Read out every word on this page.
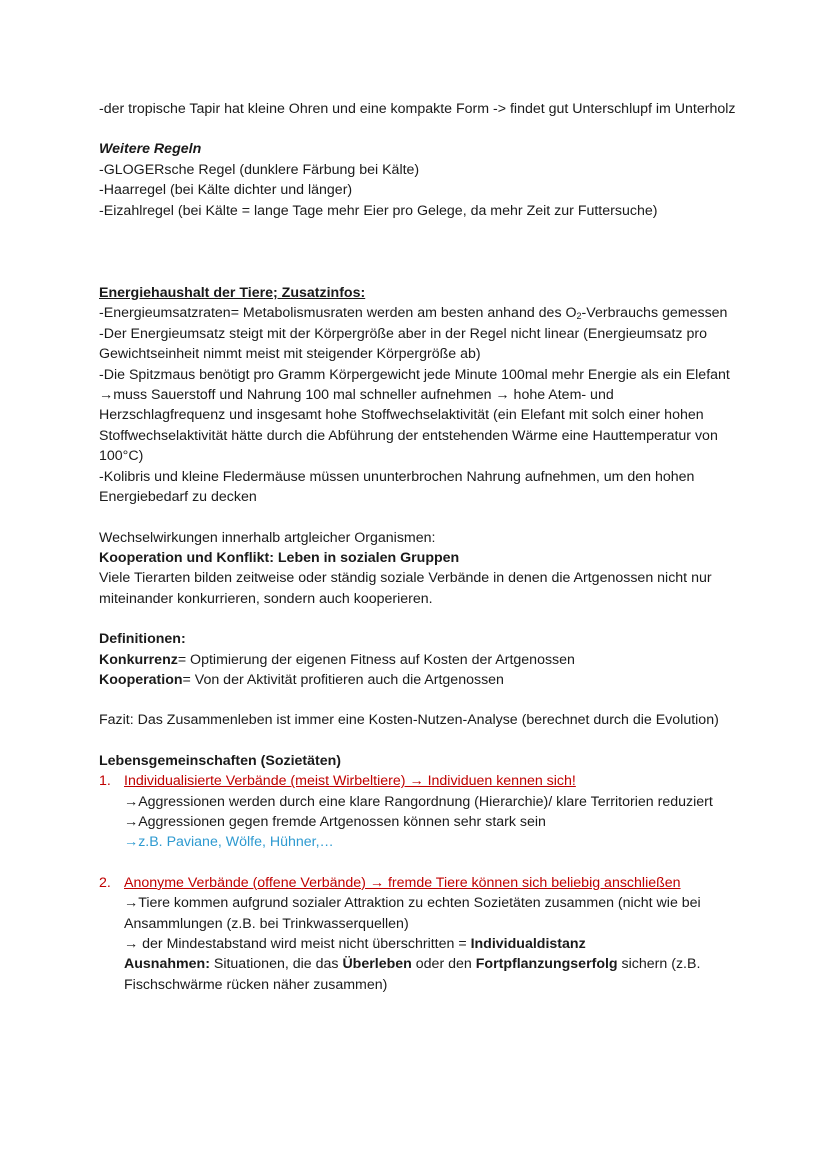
-der tropische Tapir hat kleine Ohren und eine kompakte Form -> findet gut Unterschlupf im Unterholz

Weitere Regeln

-GLOGERsche Regel (dunklere Färbung bei Kälte)

-Haarregel (bei Kälte dichter und länger)

-Eizahlregel (bei Kälte = lange Tage mehr Eier pro Gelege, da mehr Zeit zur Futtersuche)

Energiehaushalt der Tiere; Zusatzinfos:

-Energieumsatzraten= Metabolismusraten werden am besten anhand des $O_2$-Verbrauchs gemessen

-Der Energieumsatz steigt mit der Körpergröße aber in der Regel nicht linear (Energieumsatz pro Gewichtseinheit nimmt meist mit steigender Körpergröße ab)

-Die Spitzmaus benötigt pro Gramm Körpergewicht jede Minute 100mal mehr Energie als ein Elefant →muss Sauerstoff und Nahrung 100 mal schneller aufnehmen → hohe Atem- und Herzschlagfrequenz und insgesamt hohe Stoffwechselaktivität (ein Elefant mit solch einer hohen Stoffwechselaktivität hätte durch die Abführung der entstehenden Wärme eine Hauttemperatur von 100°C)

-Kolibris und kleine Fledermäuse müssen ununterbrochen Nahrung aufnehmen, um den hohen Energiebedarf zu decken

Wechselwirkungen innerhalb artgleicher Organismen:

Kooperation und Konflikt: Leben in sozialen Gruppen

Viele Tierarten bilden zeitweise oder ständig soziale Verbände in denen die Artgenossen nicht nur miteinander konkurrieren, sondern auch kooperieren.

Definitionen:

Konkurrenz= Optimierung der eigenen Fitness auf Kosten der Artgenossen

Kooperation= Von der Aktivität profitieren auch die Artgenossen

Fazit: Das Zusammenleben ist immer eine Kosten-Nutzen-Analyse (berechnet durch die Evolution)

Lebensgemeinschaften (Sozietäten)

1. Individualisierte Verbände (meist Wirbeltiere) → Individuen kennen sich!

→Aggressionen werden durch eine klare Rangordnung (Hierarchie)/ klare Territorien reduziert

→Aggressionen gegen fremde Artgenossen können sehr stark sein

→z.B. Paviane, Wölfe, Hühner,…

2. Anonyme Verbände (offene Verbände) → fremde Tiere können sich beliebig anschließen

→Tiere kommen aufgrund sozialer Attraktion zu echten Sozietäten zusammen (nicht wie bei Ansammlungen (z.B. bei Trinkwasserquellen)

→ der Mindestabstand wird meist nicht überschritten = Individualdistanz

Ausnahmen: Situationen, die das Überleben oder den Fortpflanzungserfolg sichern (z.B. Fischschwärme rücken näher zusammen)
